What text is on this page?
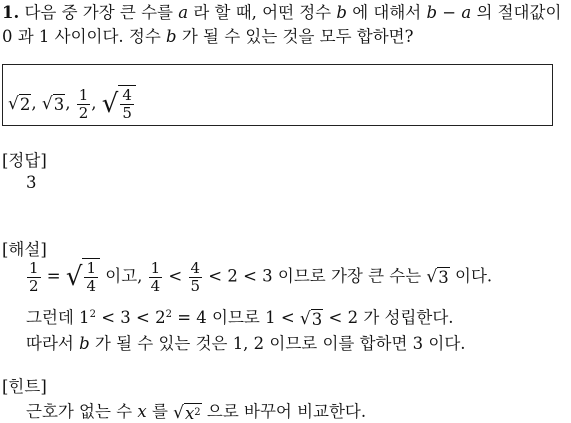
1. 다음 중 가장 큰 수를 a 라 할 때, 어떤 정수 b 에 대해서 b − a 의 절대값이
0 과 1 사이이다. 정수 b 가 될 수 있는 것을 모두 합하면?
√ 2 , √ 3 , $\frac{1}{2}$ , √ $\frac{4}{5}$
[정답]
3
[해설]
$\frac{1}{2}$ = √ $\frac{1}{4}$ 이고, $\frac{1}{4} < \frac{4}{5} < 2 < 3$ 이므로 가장 큰 수는 √ 3 이다.
그런데 $1^2 < 3 < 2^2 = 4$ 이므로 1 < √ 3 < 2 가 성립한다.
따라서 b 가 될 수 있는 것은 1, 2 이므로 이를 합하면 3 이다.
[힌트]
근호가 없는 수 x 를 √ x 2 으로 바꾸어 비교한다.
